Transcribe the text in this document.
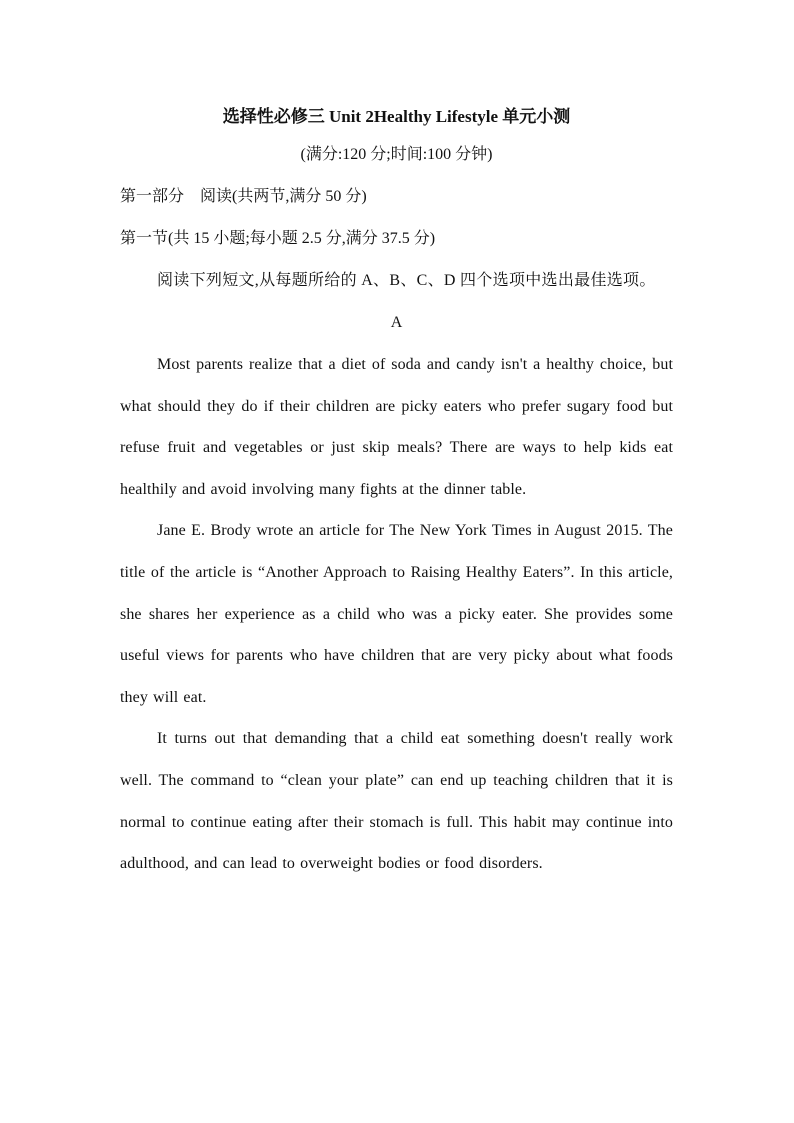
选择性必修三 Unit 2Healthy Lifestyle 单元小测
(满分:120 分;时间:100 分钟)
第一部分　阅读(共两节,满分 50 分)
第一节(共 15 小题;每小题 2.5 分,满分 37.5 分)
阅读下列短文,从每题所给的 A、B、C、D 四个选项中选出最佳选项。
A

Most parents realize that a diet of soda and candy isn't a healthy choice, but what should they do if their children are picky eaters who prefer sugary food but refuse fruit and vegetables or just skip meals? There are ways to help kids eat healthily and avoid involving many fights at the dinner table.

Jane E. Brody wrote an article for The New York Times in August 2015. The title of the article is “Another Approach to Raising Healthy Eaters”. In this article, she shares her experience as a child who was a picky eater. She provides some useful views for parents who have children that are very picky about what foods they will eat.

It turns out that demanding that a child eat something doesn't really work well. The command to “clean your plate” can end up teaching children that it is normal to continue eating after their stomach is full. This habit may continue into adulthood, and can lead to overweight bodies or food disorders.
